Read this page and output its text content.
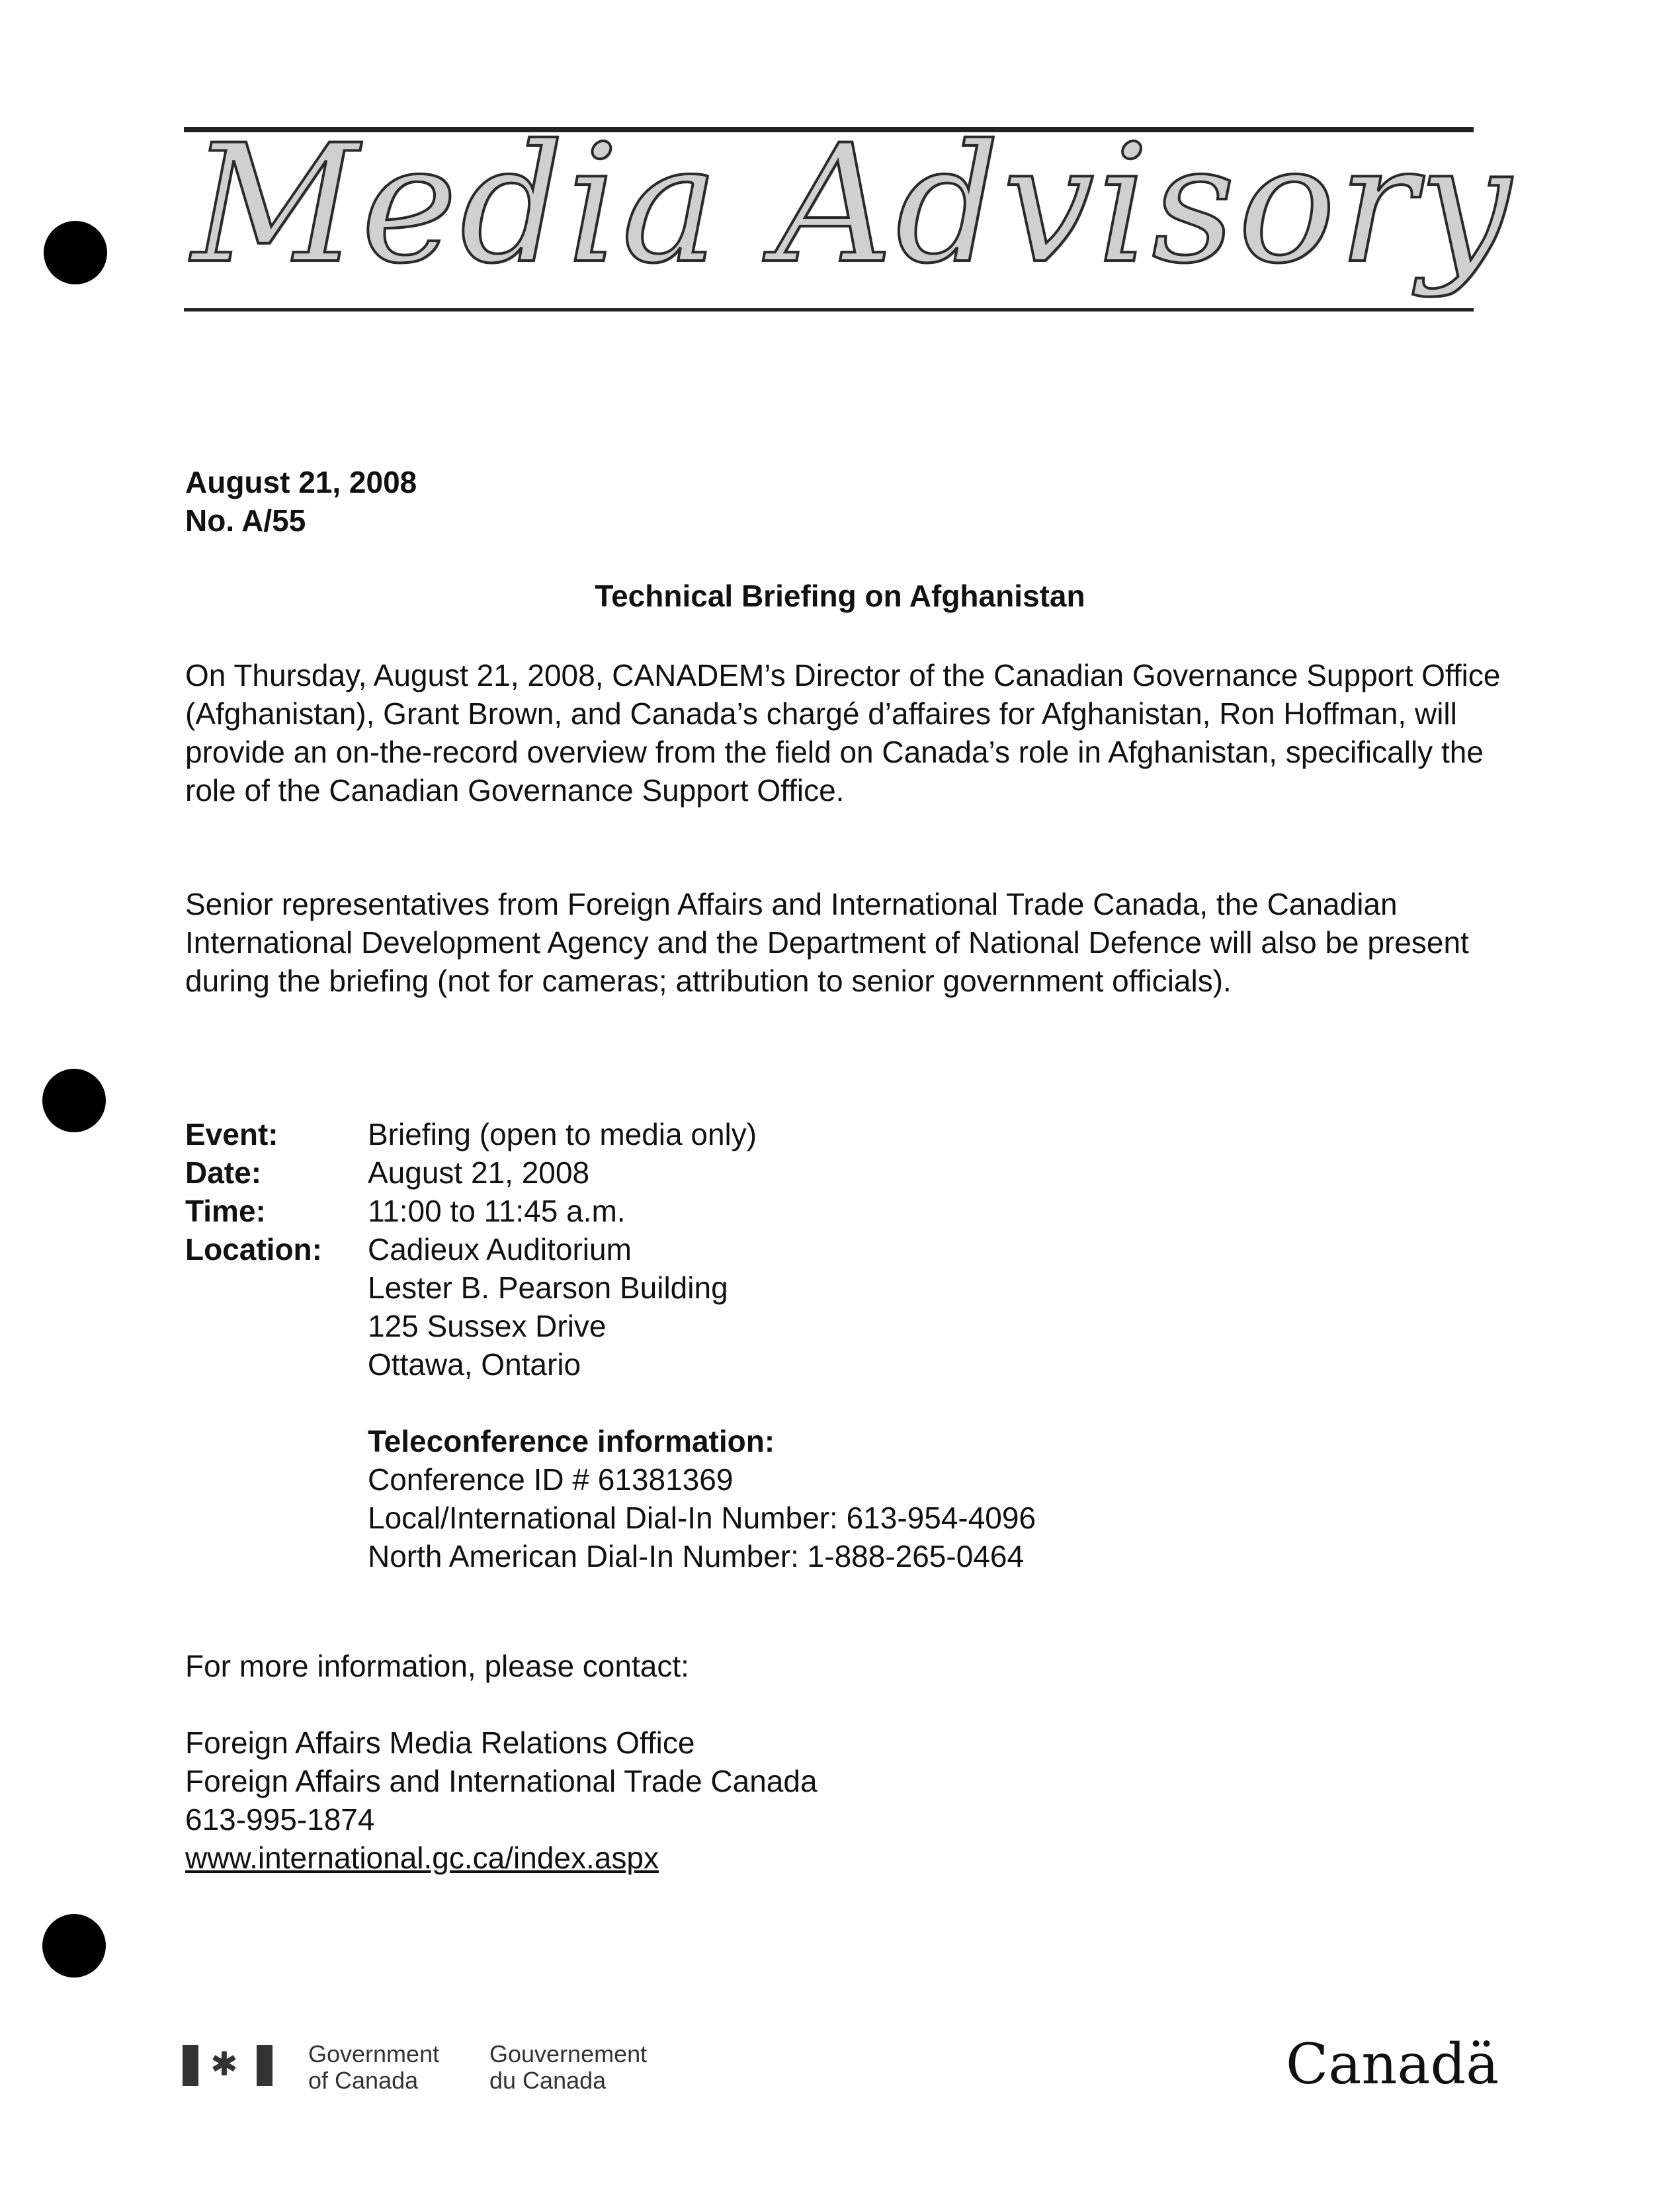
Media Advisory
August 21, 2008
No. A/55
Technical Briefing on Afghanistan

On Thursday, August 21, 2008, CANADEM’s Director of the Canadian Governance Support Office (Afghanistan), Grant Brown, and Canada’s chargé d’affaires for Afghanistan, Ron Hoffman, will provide an on-the-record overview from the field on Canada’s role in Afghanistan, specifically the role of the Canadian Governance Support Office.

Senior representatives from Foreign Affairs and International Trade Canada, the Canadian International Development Agency and the Department of National Defence will also be present during the briefing (not for cameras; attribution to senior government officials).

Event:	Briefing (open to media only)
Date:	August 21, 2008
Time:	11:00 to 11:45 a.m.
Location:	Cadieux Auditorium
Lester B. Pearson Building
125 Sussex Drive
Ottawa, Ontario
Teleconference information:
Conference ID # 61381369
Local/International Dial-In Number: 613-954-4096
North American Dial-In Number: 1-888-265-0464
For more information, please contact:
Foreign Affairs Media Relations Office
Foreign Affairs and International Trade Canada
613-995-1874
www.international.gc.ca/index.aspx
✱	Government
of Canada
Gouvernement
du Canada	Canadä
